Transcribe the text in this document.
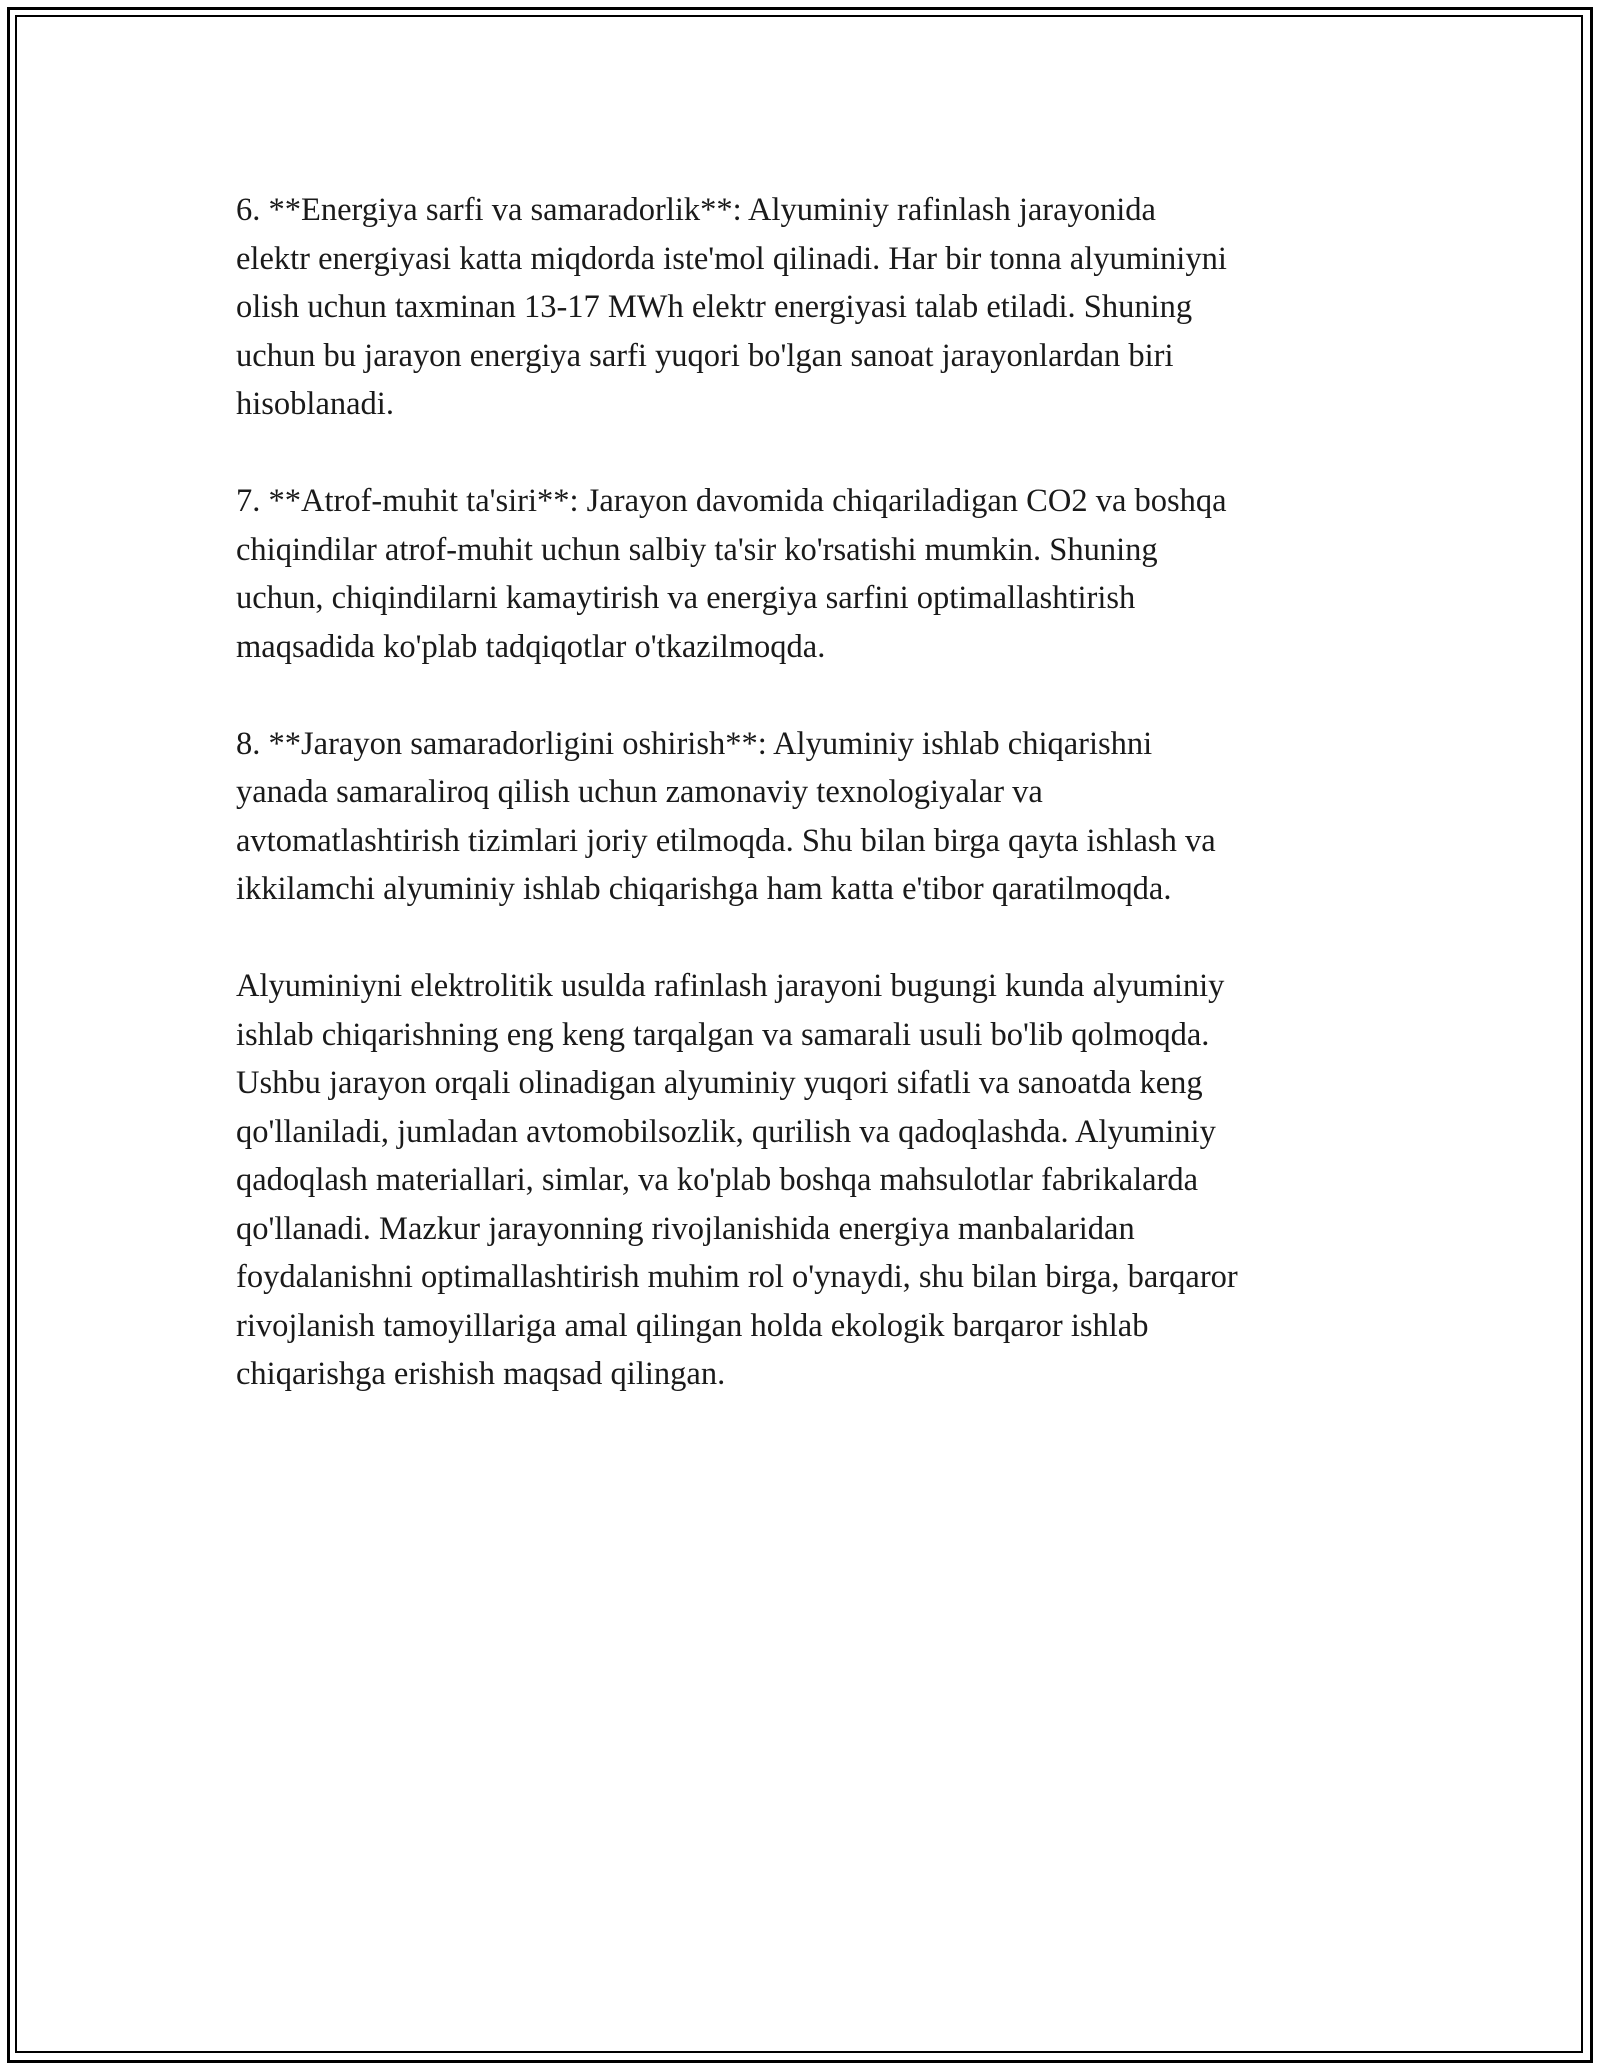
6. **Energiya sarfi va samaradorlik**: Alyuminiy rafinlash jarayonida
elektr energiyasi katta miqdorda iste'mol qilinadi. Har bir tonna alyuminiyni
olish uchun taxminan 13-17 MWh elektr energiyasi talab etiladi. Shuning
uchun bu jarayon energiya sarfi yuqori bo'lgan sanoat jarayonlardan biri
hisoblanadi.

7. **Atrof-muhit ta'siri**: Jarayon davomida chiqariladigan CO2 va boshqa
chiqindilar atrof-muhit uchun salbiy ta'sir ko'rsatishi mumkin. Shuning
uchun, chiqindilarni kamaytirish va energiya sarfini optimallashtirish
maqsadida ko'plab tadqiqotlar o'tkazilmoqda.

8. **Jarayon samaradorligini oshirish**: Alyuminiy ishlab chiqarishni
yanada samaraliroq qilish uchun zamonaviy texnologiyalar va
avtomatlashtirish tizimlari joriy etilmoqda. Shu bilan birga qayta ishlash va
ikkilamchi alyuminiy ishlab chiqarishga ham katta e'tibor qaratilmoqda.

Alyuminiyni elektrolitik usulda rafinlash jarayoni bugungi kunda alyuminiy
ishlab chiqarishning eng keng tarqalgan va samarali usuli bo'lib qolmoqda.
Ushbu jarayon orqali olinadigan alyuminiy yuqori sifatli va sanoatda keng
qo'llaniladi, jumladan avtomobilsozlik, qurilish va qadoqlashda. Alyuminiy
qadoqlash materiallari, simlar, va ko'plab boshqa mahsulotlar fabrikalarda
qo'llanadi. Mazkur jarayonning rivojlanishida energiya manbalaridan
foydalanishni optimallashtirish muhim rol o'ynaydi, shu bilan birga, barqaror
rivojlanish tamoyillariga amal qilingan holda ekologik barqaror ishlab
chiqarishga erishish maqsad qilingan.
